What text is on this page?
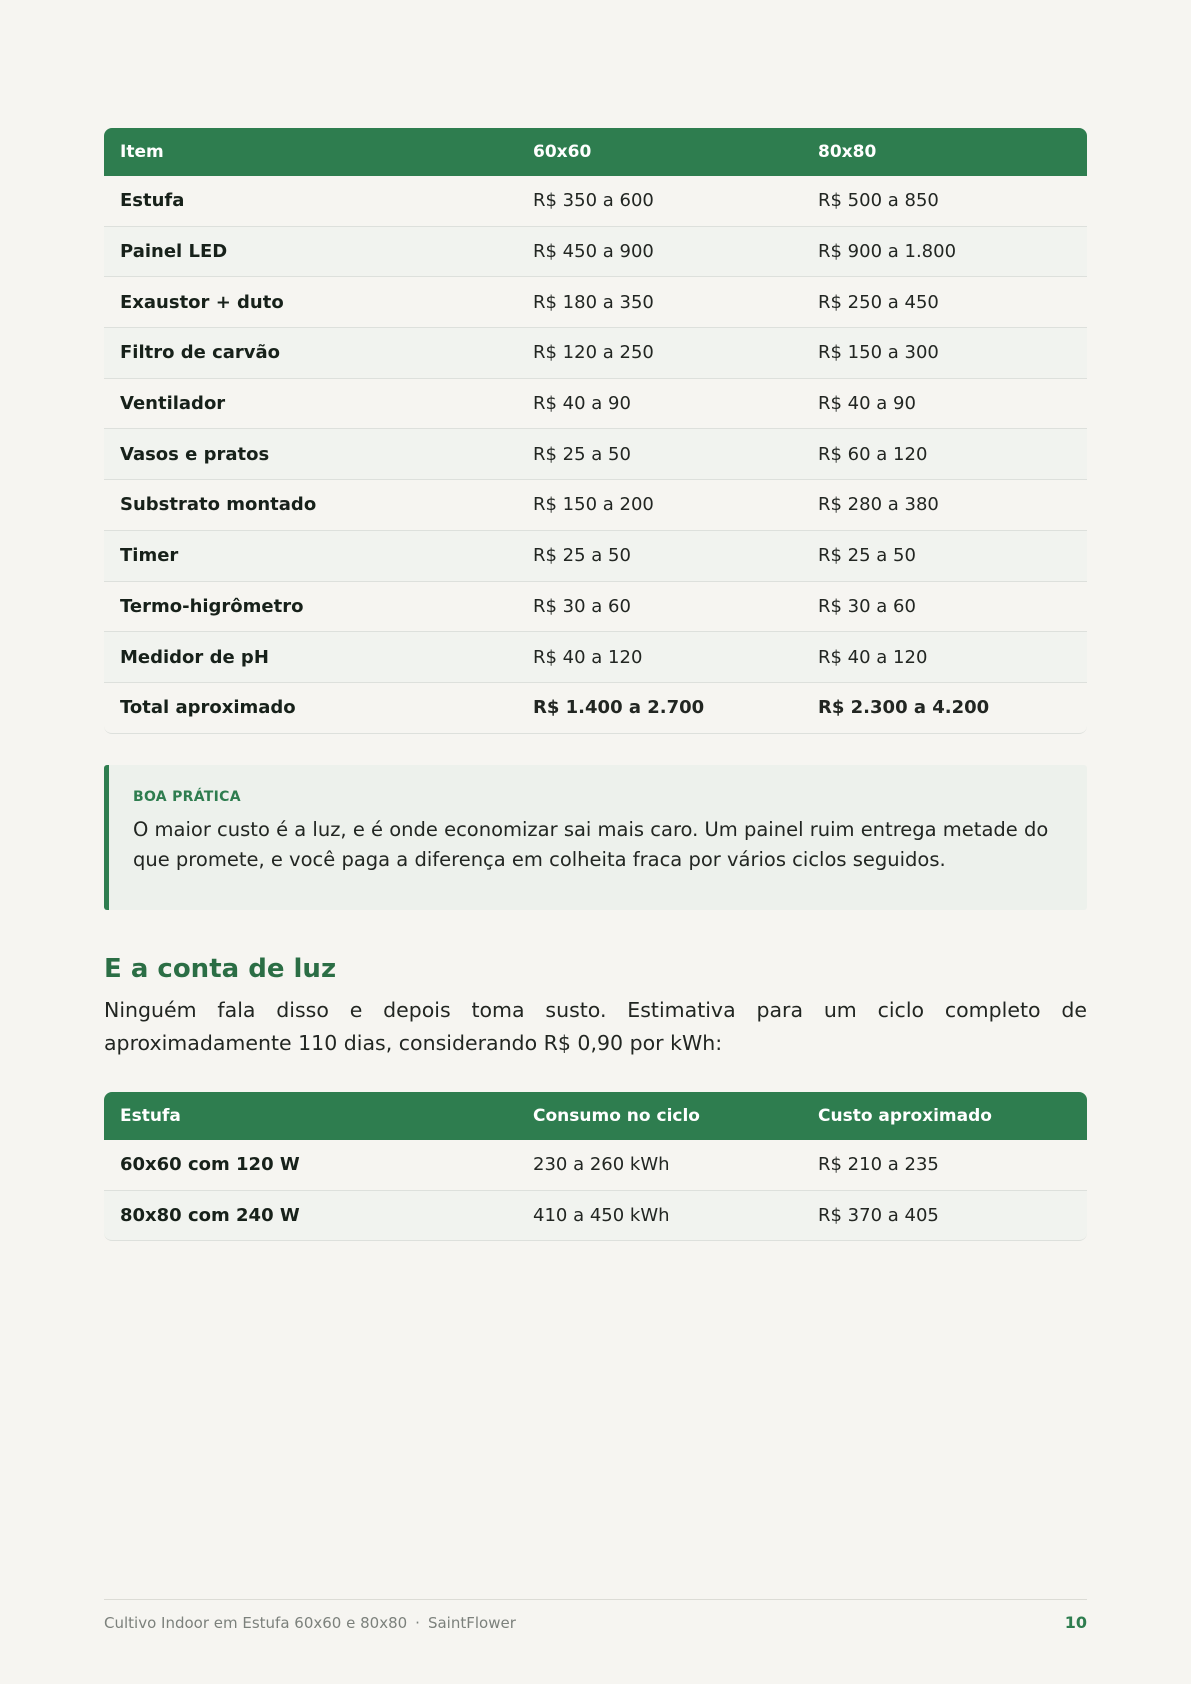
Item	60x60	80x80
Estufa	R$ 350 a 600	R$ 500 a 850
Painel LED	R$ 450 a 900	R$ 900 a 1.800
Exaustor + duto	R$ 180 a 350	R$ 250 a 450
Filtro de carvão	R$ 120 a 250	R$ 150 a 300
Ventilador	R$ 40 a 90	R$ 40 a 90
Vasos e pratos	R$ 25 a 50	R$ 60 a 120
Substrato montado	R$ 150 a 200	R$ 280 a 380
Timer	R$ 25 a 50	R$ 25 a 50
Termo-higrômetro	R$ 30 a 60	R$ 30 a 60
Medidor de pH	R$ 40 a 120	R$ 40 a 120
Total aproximado	R$ 1.400 a 2.700	R$ 2.300 a 4.200
BOA PRÁTICA
O maior custo é a luz, e é onde economizar sai mais caro. Um painel ruim entrega metade do que promete, e você paga a diferença em colheita fraca por vários ciclos seguidos.
E a conta de luz

Ninguém fala disso e depois toma susto. Estimativa para um ciclo completo de aproximadamente 110 dias, considerando R$ 0,90 por kWh:

Estufa	Consumo no ciclo	Custo aproximado
60x60 com 120 W	230 a 260 kWh	R$ 210 a 235
80x80 com 240 W	410 a 450 kWh	R$ 370 a 405
Cultivo Indoor em Estufa 60x60 e 80x80 · SaintFlower	10
